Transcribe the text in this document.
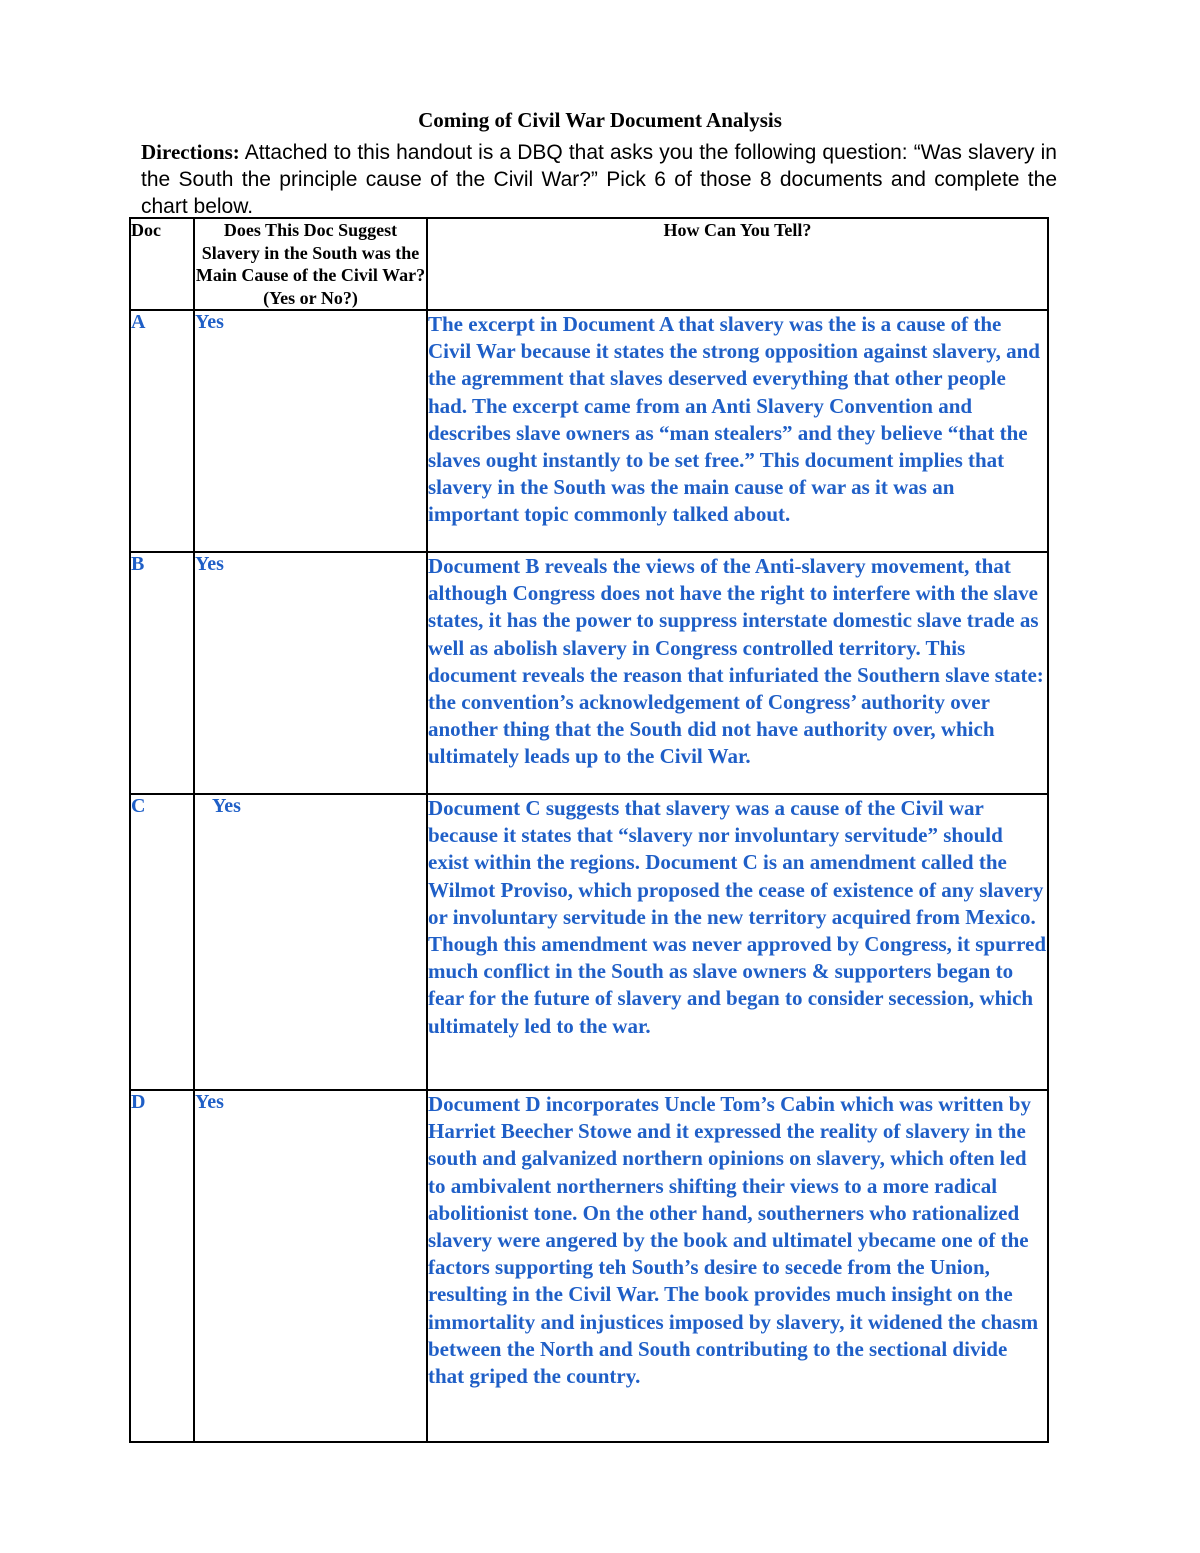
Coming of Civil War Document Analysis

Directions: Attached to this handout is a DBQ that asks you the following question: “Was slavery in the South the principle cause of the Civil War?” Pick 6 of those 8 documents and complete the chart below.

Doc	Does This Doc Suggest Slavery in the South was the Main Cause of the Civil War? (Yes or No?)	How Can You Tell?
A	Yes	The excerpt in Document A that slavery was the is a cause of the Civil War because it states the strong opposition against slavery, and the agremment that slaves deserved everything that other people had. The excerpt came from an Anti Slavery Convention and describes slave owners as “man stealers” and they believe “that the slaves ought instantly to be set free.” This document implies that slavery in the South was the main cause of war as it was an important topic commonly talked about.
B	Yes	Document B reveals the views of the Anti-slavery movement, that although Congress does not have the right to interfere with the slave states, it has the power to suppress interstate domestic slave trade as well as abolish slavery in Congress controlled territory. This document reveals the reason that infuriated the Southern slave state: the convention’s acknowledgement of Congress’ authority over another thing that the South did not have authority over, which ultimately leads up to the Civil War.
C	Yes	Document C suggests that slavery was a cause of the Civil war because it states that “slavery nor involuntary servitude” should exist within the regions. Document C is an amendment called the Wilmot Proviso, which proposed the cease of existence of any slavery or involuntary servitude in the new territory acquired from Mexico. Though this amendment was never approved by Congress, it spurred much conflict in the South as slave owners & supporters began to fear for the future of slavery and began to consider secession, which ultimately led to the war.
D	Yes	Document D incorporates Uncle Tom’s Cabin which was written by Harriet Beecher Stowe and it expressed the reality of slavery in the south and galvanized northern opinions on slavery, which often led to ambivalent northerners shifting their views to a more radical abolitionist tone. On the other hand, southerners who rationalized slavery were angered by the book and ultimatel ybecame one of the factors supporting teh South’s desire to secede from the Union, resulting in the Civil War. The book provides much insight on the immortality and injustices imposed by slavery, it widened the chasm between the North and South contributing to the sectional divide that griped the country.
